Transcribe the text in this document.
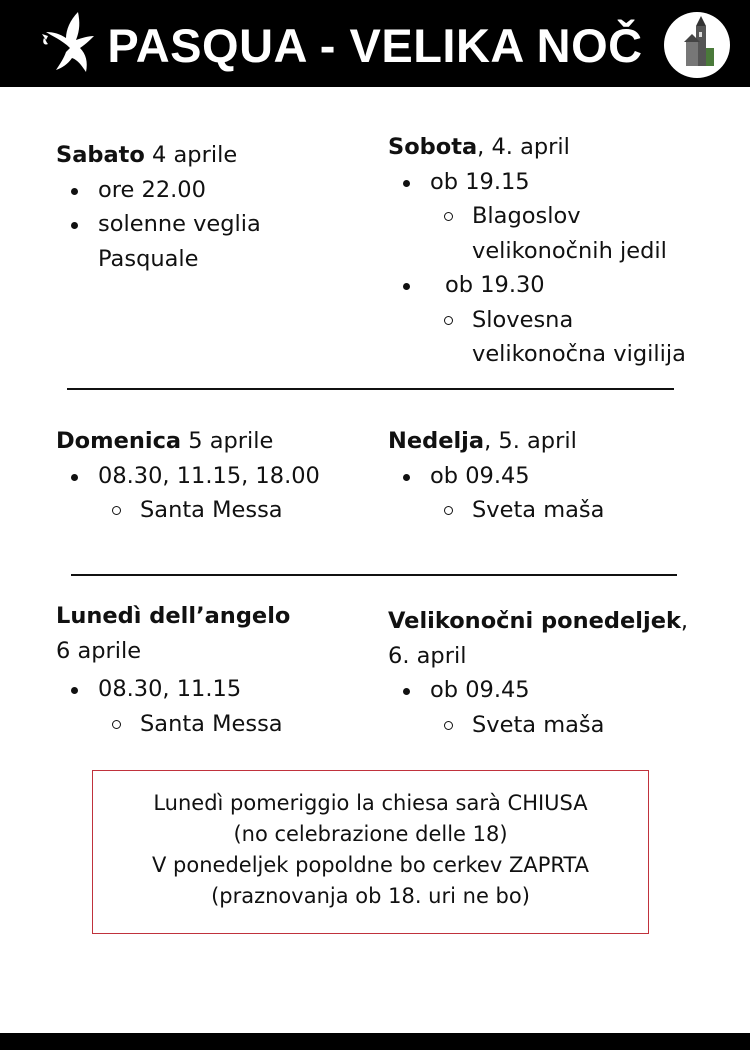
PASQUA - VELIKA NOČ
Sabato 4 aprile
ore 22.00
solenne veglia
Pasquale
Sobota, 4. april
ob 19.15
Blagoslov
velikonočnih jedil
ob 19.30
Slovesna
velikonočna vigilija
Domenica 5 aprile
08.30, 11.15, 18.00
Santa Messa
Nedelja, 5. april
ob 09.45
Sveta maša
Lunedì dell’angelo
6 aprile
08.30, 11.15
Santa Messa
Velikonočni ponedeljek,
6. april
ob 09.45
Sveta maša
Lunedì pomeriggio la chiesa sarà CHIUSA
(no celebrazione delle 18)
V ponedeljek popoldne bo cerkev ZAPRTA
(praznovanja ob 18. uri ne bo)
